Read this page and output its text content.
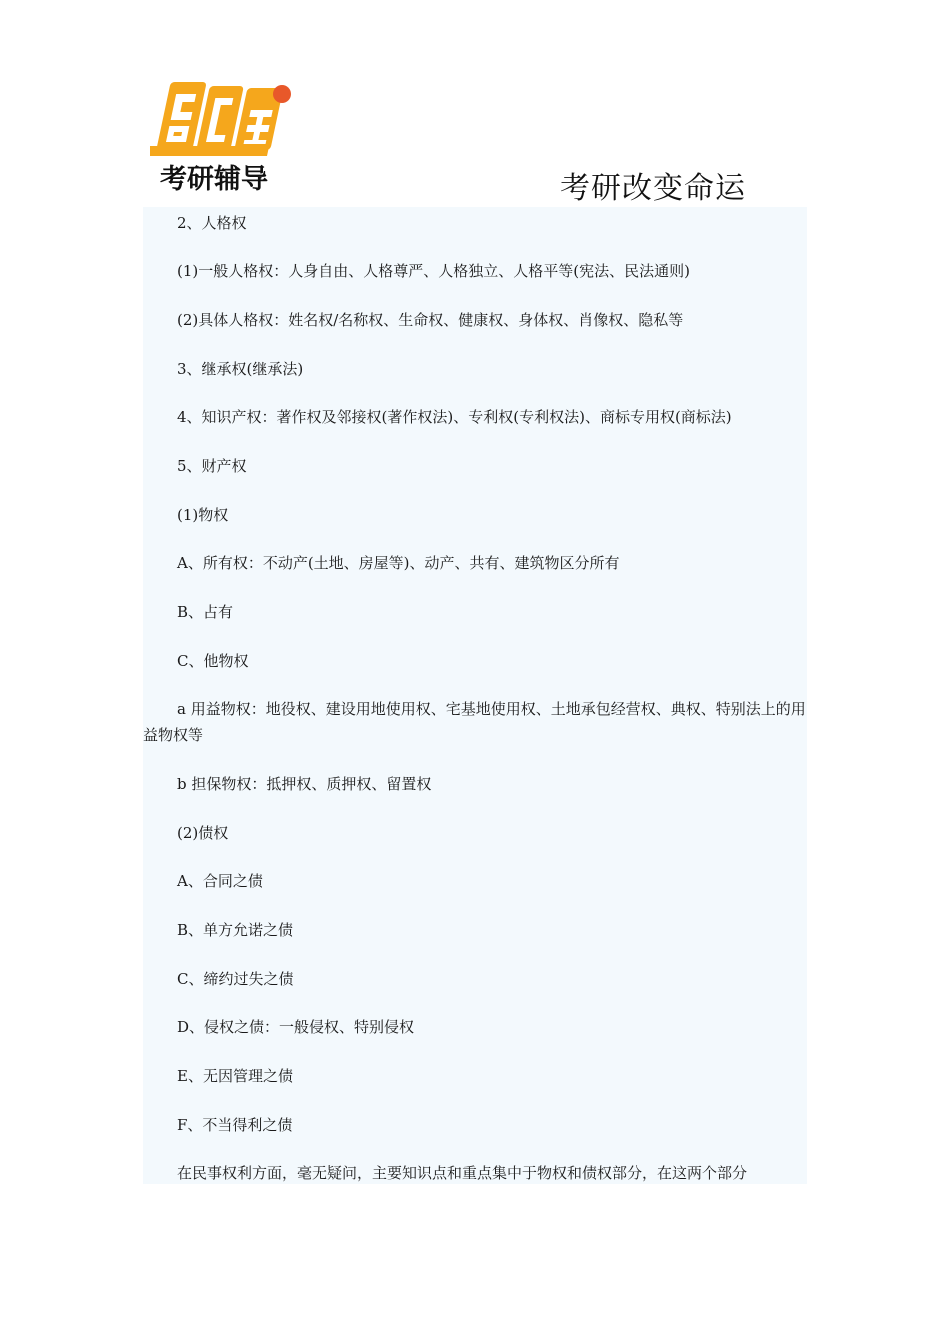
考研辅导	考研改变命运

2、人格权

(1)一般人格权：人身自由、人格尊严、人格独立、人格平等(宪法、民法通则)

(2)具体人格权：姓名权/名称权、生命权、健康权、身体权、肖像权、隐私等

3、继承权(继承法)

4、知识产权：著作权及邻接权(著作权法)、专利权(专利权法)、商标专用权(商标法)

5、财产权

(1)物权

A、所有权：不动产(土地、房屋等)、动产、共有、建筑物区分所有

B、占有

C、他物权

a 用益物权：地役权、建设用地使用权、宅基地使用权、土地承包经营权、典权、特别法上的用益物权等

b 担保物权：抵押权、质押权、留置权

(2)债权

A、合同之债

B、单方允诺之债

C、缔约过失之债

D、侵权之债：一般侵权、特别侵权

E、无因管理之债

F、不当得利之债

在民事权利方面，毫无疑问，主要知识点和重点集中于物权和债权部分，在这两个部分
